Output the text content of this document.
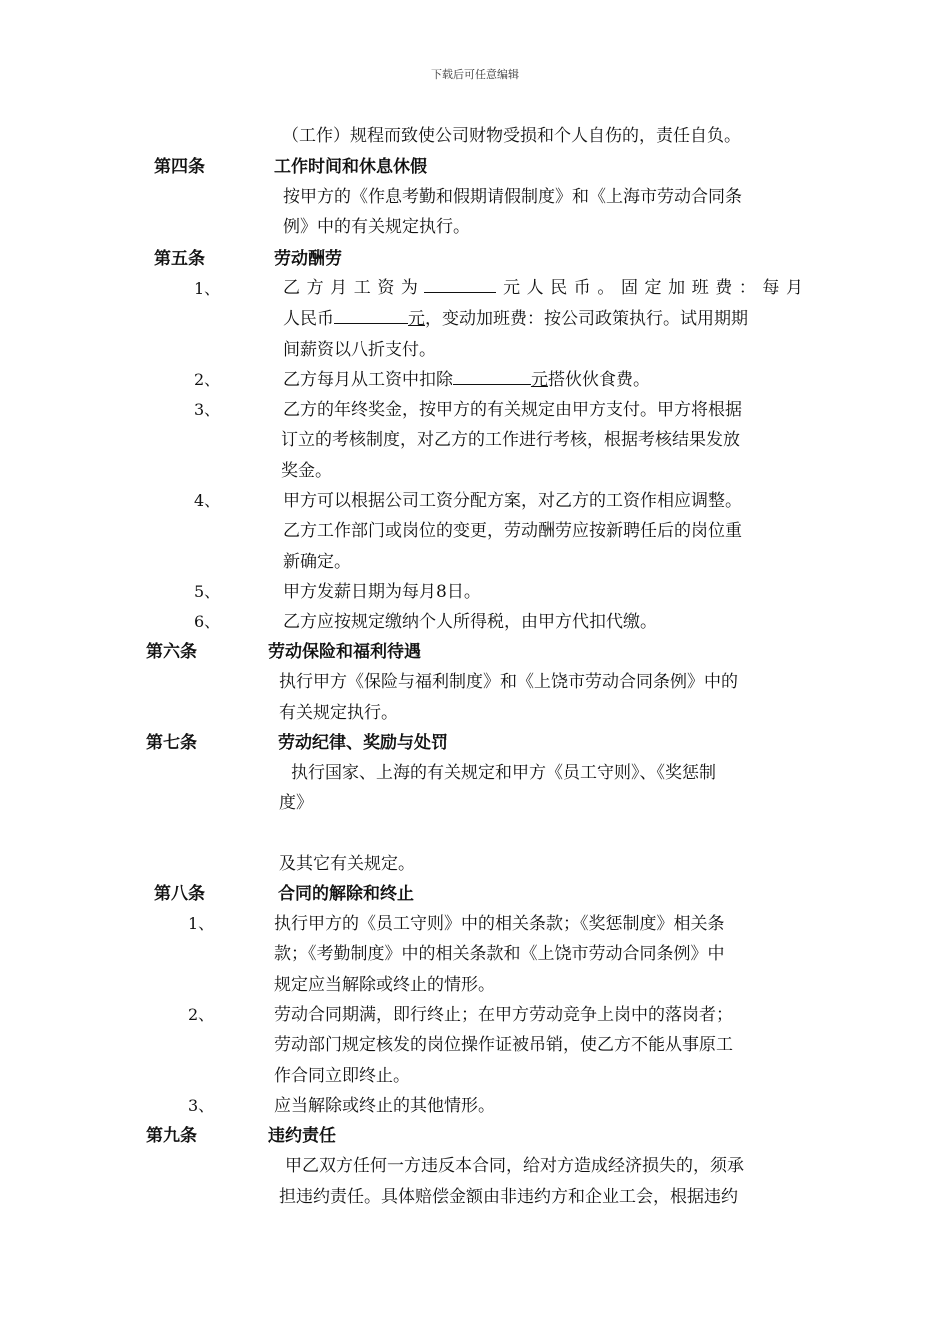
下载后可任意编辑
（工作）规程而致使公司财物受损和个人自伤的，责任自负。
第四条	工作时间和休息休假
按甲方的《作息考勤和假期请假制度》和《上海市劳动合同条
例》中的有关规定执行。
第五条	劳动酬劳
1、	乙方月工资为	元人民币。固定加班费：每月
人民币	元，变动加班费：按公司政策执行。试用期期
间薪资以八折支付。
2、	乙方每月从工资中扣除	元搭伙伙食费。
3、	乙方的年终奖金，按甲方的有关规定由甲方支付。甲方将根据
订立的考核制度，对乙方的工作进行考核，根据考核结果发放
奖金。
4、	甲方可以根据公司工资分配方案，对乙方的工资作相应调整。
乙方工作部门或岗位的变更，劳动酬劳应按新聘任后的岗位重
新确定。
5、	甲方发薪日期为每月8日。
6、	乙方应按规定缴纳个人所得税，由甲方代扣代缴。
第六条	劳动保险和福利待遇
执行甲方《保险与福利制度》和《上饶市劳动合同条例》中的
有关规定执行。
第七条	劳动纪律、奖励与处罚
执行国家、上海的有关规定和甲方《员工守则》、《奖惩制
度》
及其它有关规定。
第八条	合同的解除和终止
1、	执行甲方的《员工守则》中的相关条款；《奖惩制度》相关条
款；《考勤制度》中的相关条款和《上饶市劳动合同条例》中
规定应当解除或终止的情形。
2、	劳动合同期满，即行终止；在甲方劳动竞争上岗中的落岗者；
劳动部门规定核发的岗位操作证被吊销，使乙方不能从事原工
作合同立即终止。
3、	应当解除或终止的其他情形。
第九条	违约责任
甲乙双方任何一方违反本合同，给对方造成经济损失的，须承
担违约责任。具体赔偿金额由非违约方和企业工会，根据违约
